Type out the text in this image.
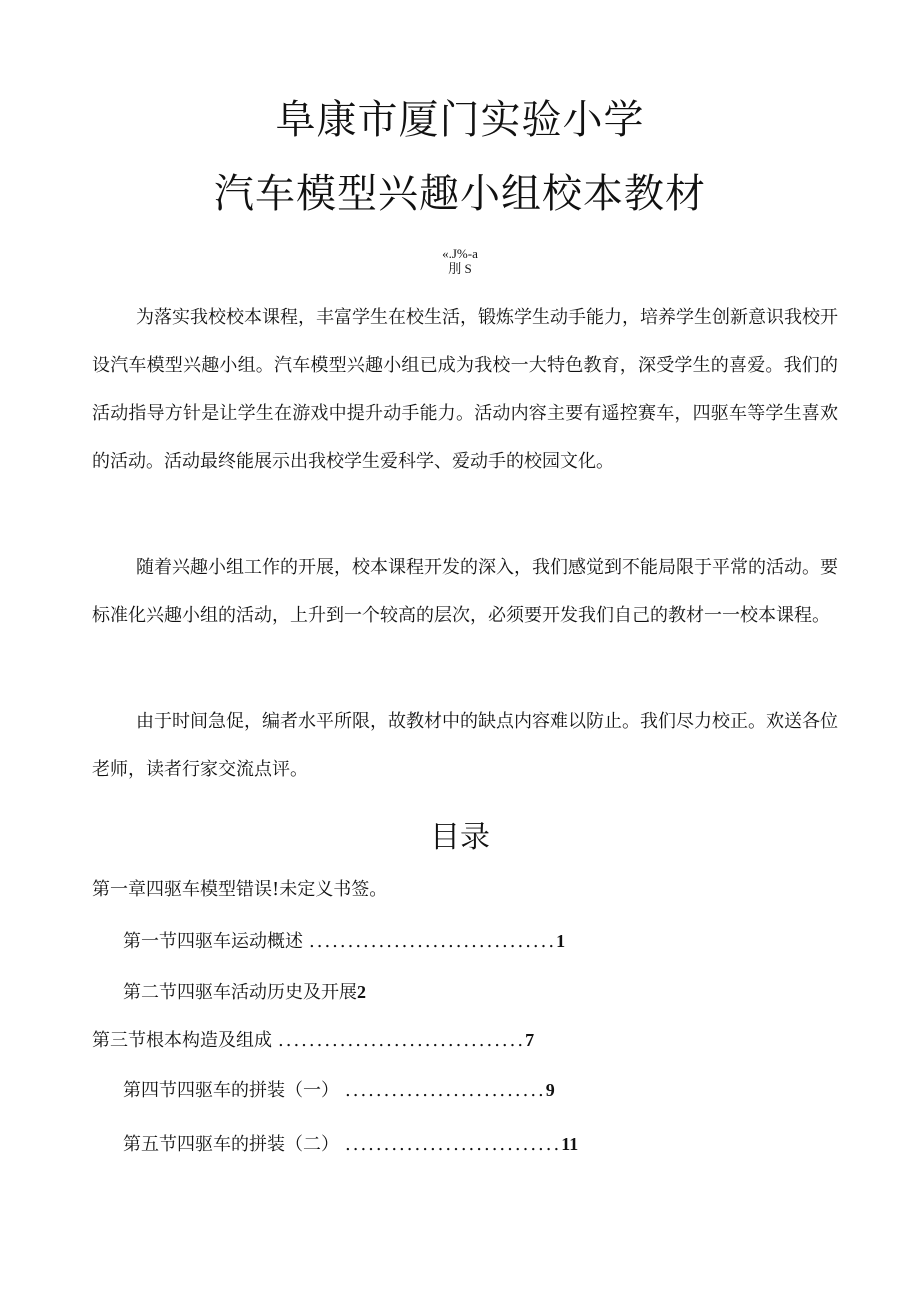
阜康市厦门实验小学
汽车模型兴趣小组校本教材
«.J%-a
刖 S

为落实我校校本课程，丰富学生在校生活，锻炼学生动手能力，培养学生创新意识我校开设汽车模型兴趣小组。汽车模型兴趣小组已成为我校一大特色教育，深受学生的喜爱。我们的活动指导方针是让学生在游戏中提升动手能力。活动内容主要有遥控赛车，四驱车等学生喜欢的活动。活动最终能展示出我校学生爱科学、爱动手的校园文化。

随着兴趣小组工作的开展，校本课程开发的深入，我们感觉到不能局限于平常的活动。要标准化兴趣小组的活动，上升到一个较高的层次，必须要开发我们自己的教材一一校本课程。

由于时间急促，编者水平所限，故教材中的缺点内容难以防止。我们尽力校正。欢送各位老师，读者行家交流点评。

目录
第一章四驱车模型错误!未定义书签。
第一节四驱车运动概述 ................................1
第二节四驱车活动历史及开展2
第三节根本构造及组成 ................................7
第四节四驱车的拼装（一） ..........................9
第五节四驱车的拼装（二） ............................11
